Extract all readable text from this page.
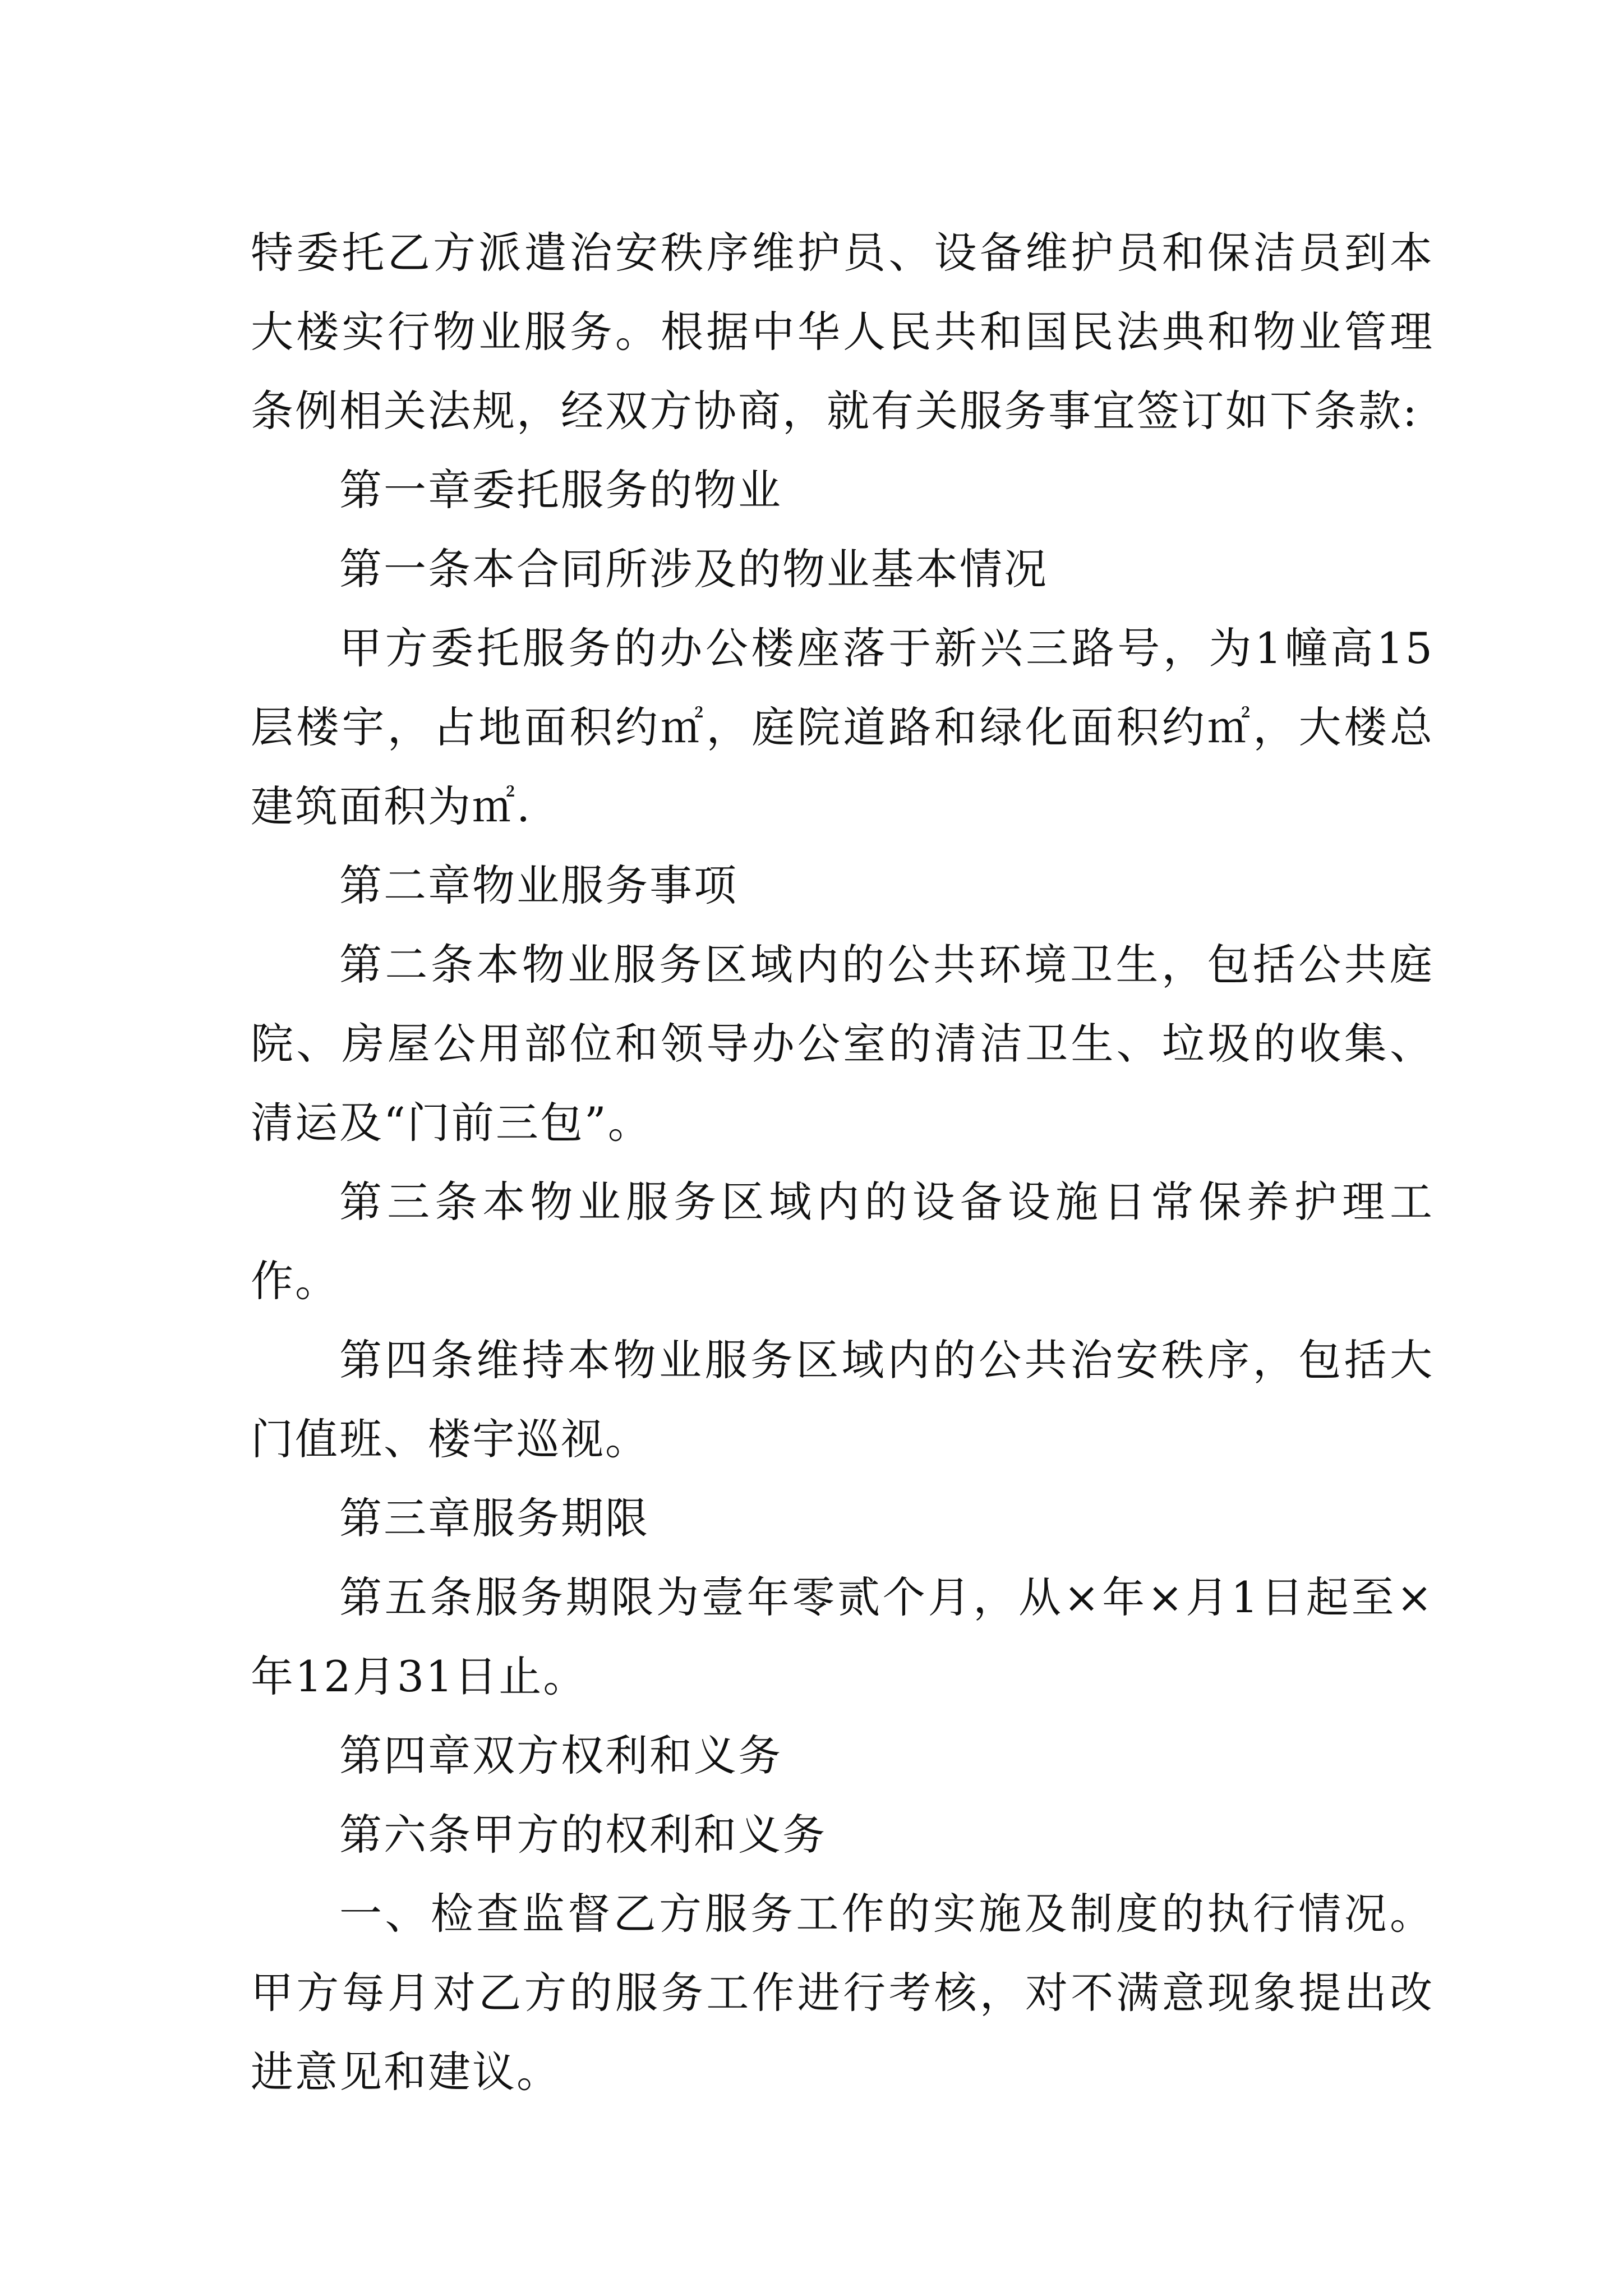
特委托乙方派遣治安秩序维护员、设备维护员和保洁员到本大楼实行物业服务。根据中华人民共和国民法典和物业管理条例相关法规，经双方协商，就有关服务事宜签订如下条款:

第一章委托服务的物业

第一条本合同所涉及的物业基本情况

甲方委托服务的办公楼座落于新兴三路号，为1幢高15层楼宇，占地面积约㎡，庭院道路和绿化面积约㎡，大楼总建筑面积为㎡.

第二章物业服务事项

第二条本物业服务区域内的公共环境卫生，包括公共庭院、房屋公用部位和领导办公室的清洁卫生、垃圾的收集、清运及“门前三包”。

第三条本物业服务区域内的设备设施日常保养护理工作。

第四条维持本物业服务区域内的公共治安秩序，包括大门值班、楼宇巡视。

第三章服务期限

第五条服务期限为壹年零贰个月，从×年×月1日起至×年12月31日止。

第四章双方权利和义务

第六条甲方的权利和义务

一、检查监督乙方服务工作的实施及制度的执行情况。甲方每月对乙方的服务工作进行考核，对不满意现象提出改进意见和建议。
